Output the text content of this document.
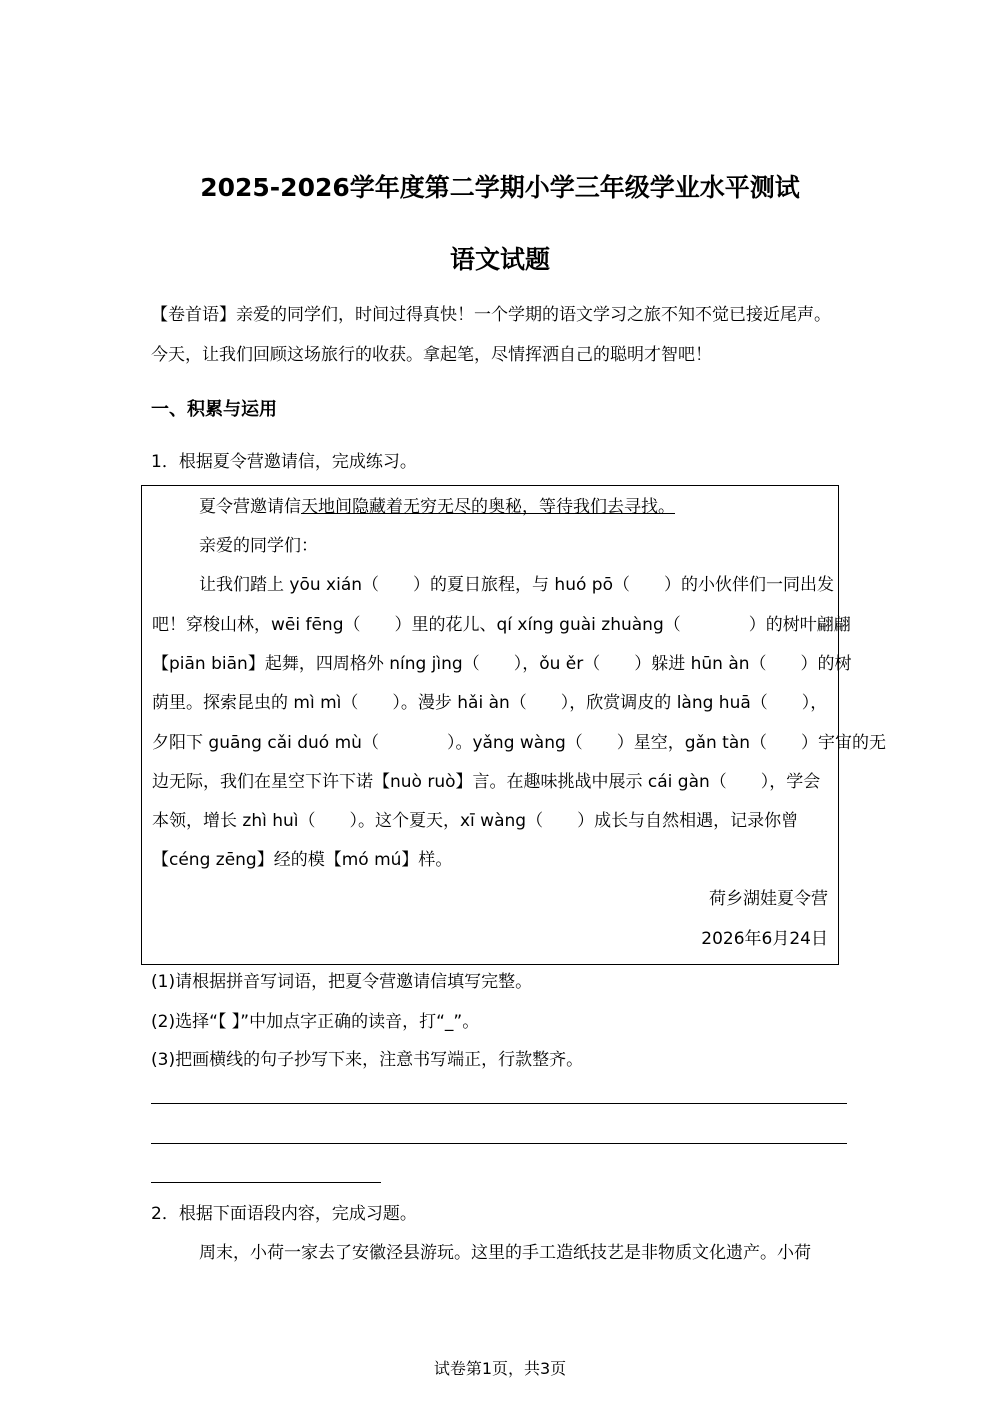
2025-2026学年度第二学期小学三年级学业水平测试
语文试题
【卷首语】亲爱的同学们，时间过得真快！一个学期的语文学习之旅不知不觉已接近尾声。
今天，让我们回顾这场旅行的收获。拿起笔，尽情挥洒自己的聪明才智吧！
一、积累与运用
1．根据夏令营邀请信，完成练习。
夏令营邀请信天地间隐藏着无穷无尽的奥秘，等待我们去寻找。
亲爱的同学们：
让我们踏上 yōu xián（　　）的夏日旅程，与 huó pō（　　）的小伙伴们一同出发
吧！穿梭山林，wēi fēng（　　）里的花儿、qí xíng guài zhuàng（　　　　）的树叶翩翩
【piān biān】起舞，四周格外 níng jìng（　　），ǒu ěr（　　）躲进 hūn àn（　　）的树
荫里。探索昆虫的 mì mì（　　）。漫步 hǎi àn（　　），欣赏调皮的 làng huā（　　），
夕阳下 guāng cǎi duó mù（　　　　）。yǎng wàng（　　）星空，gǎn tàn（　　）宇宙的无
边无际，我们在星空下许下诺【nuò ruò】言。在趣味挑战中展示 cái gàn（　　），学会
本领，增长 zhì huì（　　）。这个夏天，xī wàng（　　）成长与自然相遇，记录你曾
【céng zēng】经的模【mó mú】样。
荷乡湖娃夏令营
2026年6月24日
(1)请根据拼音写词语，把夏令营邀请信填写完整。
(2)选择“【 】”中加点字正确的读音，打“_”。
(3)把画横线的句子抄写下来，注意书写端正，行款整齐。
2．根据下面语段内容，完成习题。
周末，小荷一家去了安徽泾县游玩。这里的手工造纸技艺是非物质文化遗产。小荷
试卷第1页，共3页
